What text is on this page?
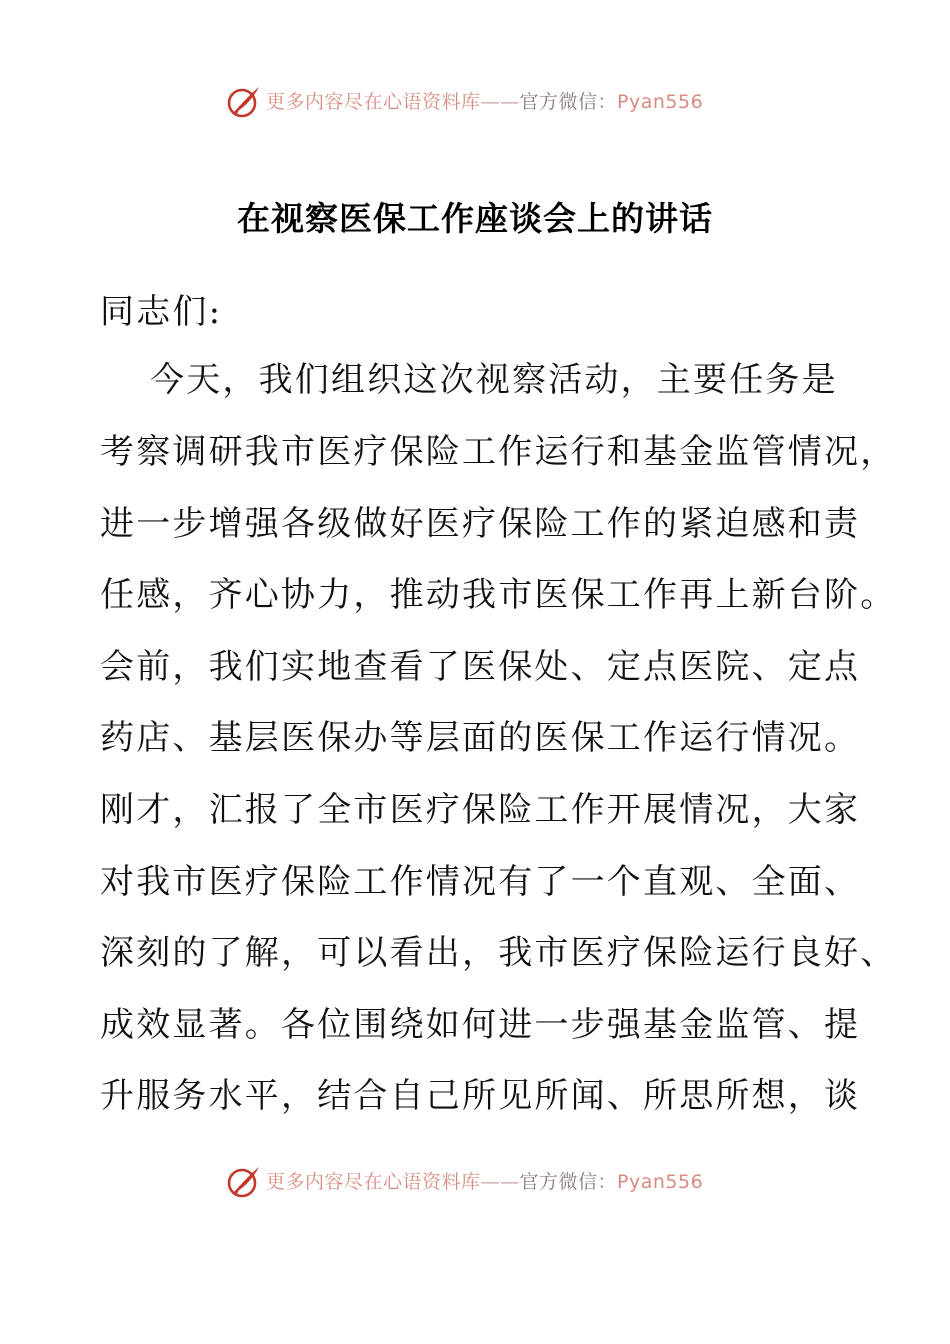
更多内容尽在心语资料库——官方微信：Pyan556
在视察医保工作座谈会上的讲话
同志们:
今天，我们组织这次视察活动，主要任务是
考察调研我市医疗保险工作运行和基金监管情况，
进一步增强各级做好医疗保险工作的紧迫感和责
任感，齐心协力，推动我市医保工作再上新台阶。
会前，我们实地查看了医保处、定点医院、定点
药店、基层医保办等层面的医保工作运行情况。
刚才，汇报了全市医疗保险工作开展情况，大家
对我市医疗保险工作情况有了一个直观、全面、
深刻的了解，可以看出，我市医疗保险运行良好、
成效显著。各位围绕如何进一步强基金监管、提
升服务水平，结合自己所见所闻、所思所想，谈
更多内容尽在心语资料库——官方微信：Pyan556
